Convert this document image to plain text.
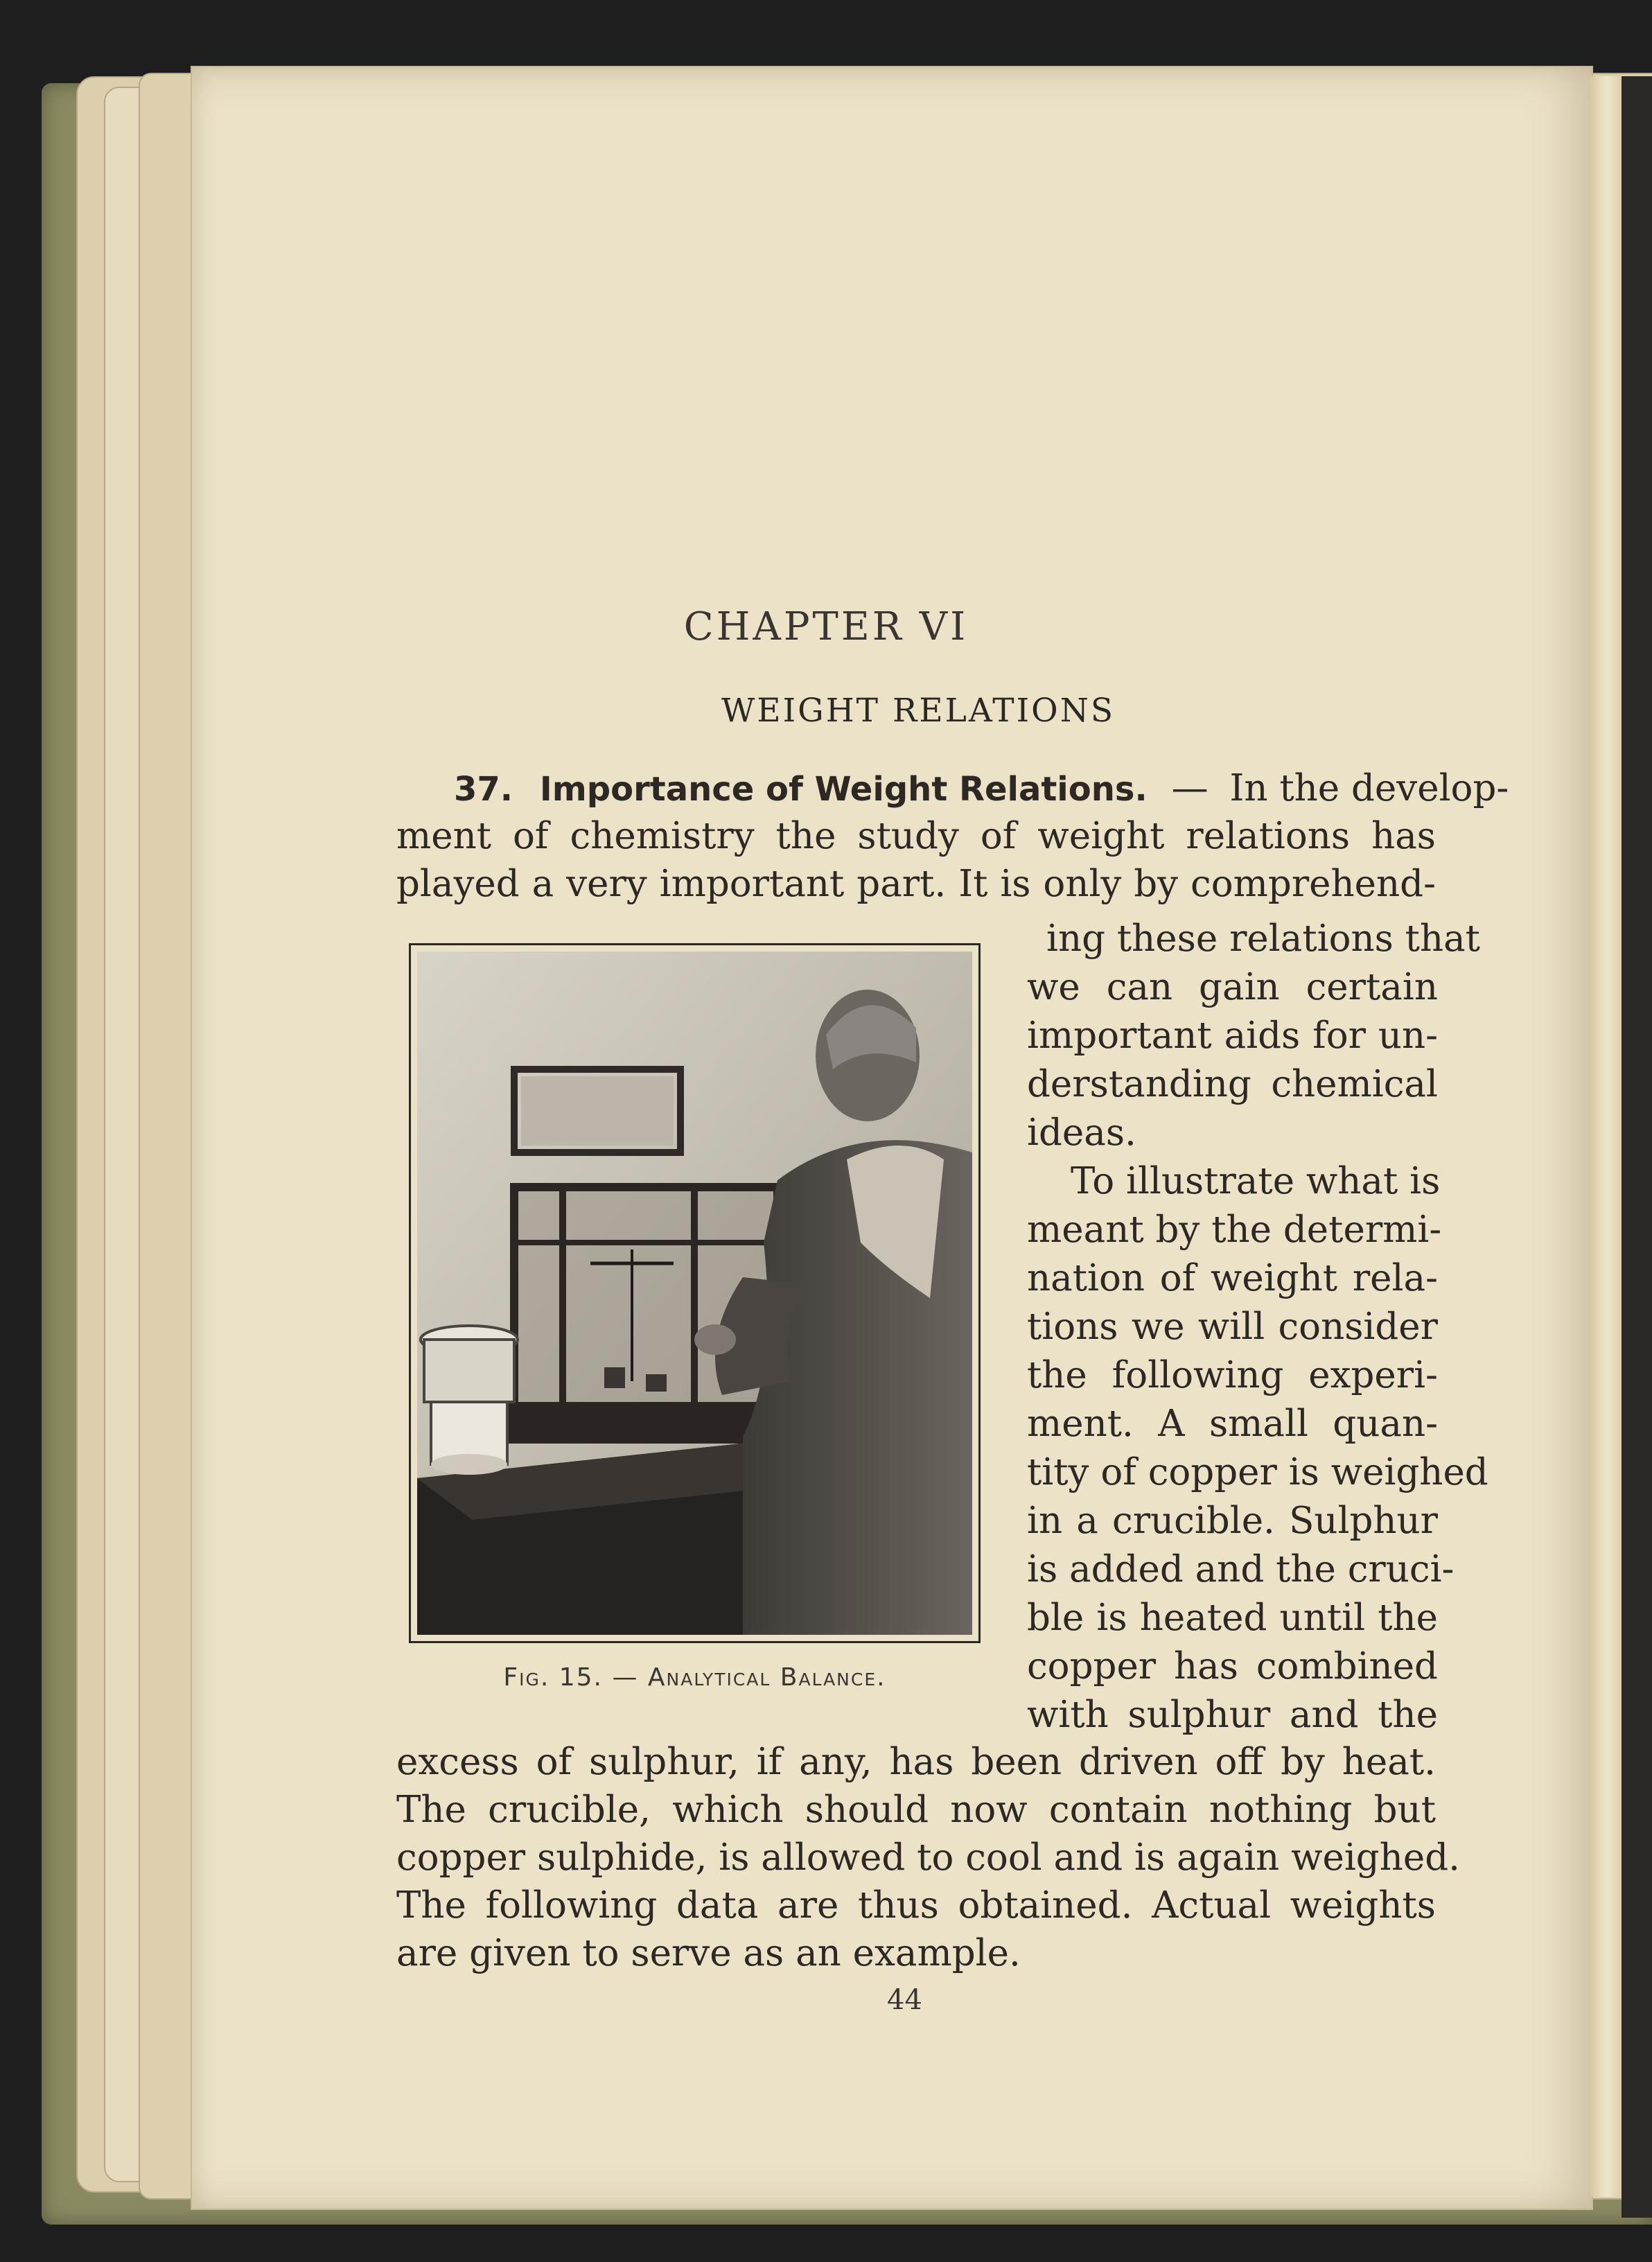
CHAPTER VI
WEIGHT RELATIONS
37. Importance of Weight Relations. — In the develop-
ment of chemistry the study of weight relations has
played a very important part. It is only by comprehend-
ing these relations that
we can gain certain
important aids for un-
derstanding chemical
ideas.
To illustrate what is
meant by the determi-
nation of weight rela-
tions we will consider
the following experi-
ment. A small quan-
tity of copper is weighed
in a crucible. Sulphur
is added and the cruci-
ble is heated until the
copper has combined
with sulphur and the
excess of sulphur, if any, has been driven off by heat.
The crucible, which should now contain nothing but
copper sulphide, is allowed to cool and is again weighed.
The following data are thus obtained. Actual weights
are given to serve as an example.
Fig. 15. — Analytical Balance.
44
